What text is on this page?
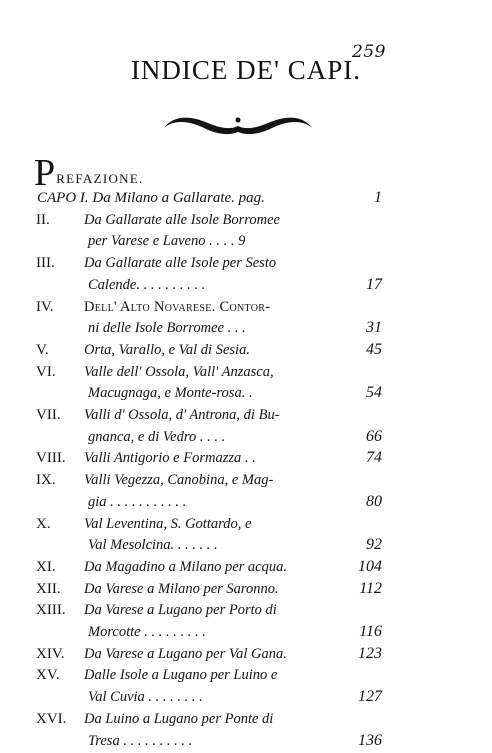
259
INDICE DE' CAPI.
P REFAZIONE.
CAPO I. Da Milano a Gallarate. pag.	1
II. Da Gallarate alle Isole Borromee
per Varese e Laveno . . . . 9
III. Da Gallarate alle Isole per Sesto
Calende. . . . . . . . . .	17
IV. Dell' Alto Novarese. Contor-
ni delle Isole Borromee . . .	31
V. Orta, Varallo, e Val di Sesia.	45
VI. Valle dell' Ossola, Vall' Anzasca,
Macugnaga, e Monte-rosa. .	54
VII. Valli d' Ossola, d' Antrona, di Bu-
gnanca, e di Vedro . . . .	66
VIII. Valli Antigorio e Formazza . .	74
IX. Valli Vegezza, Canobina, e Mag-
gia . . . . . . . . . . .	80
X. Val Leventina, S. Gottardo, e
Val Mesolcina. . . . . . .	92
XI. Da Magadino a Milano per acqua.	104
XII. Da Varese a Milano per Saronno.	112
XIII. Da Varese a Lugano per Porto di
Morcotte . . . . . . . . .	116
XIV. Da Varese a Lugano per Val Gana.	123
XV. Dalle Isole a Lugano per Luino e
Val Cuvia . . . . . . . .	127
XVI. Da Luino a Lugano per Ponte di
Tresa . . . . . . . . . .	136
